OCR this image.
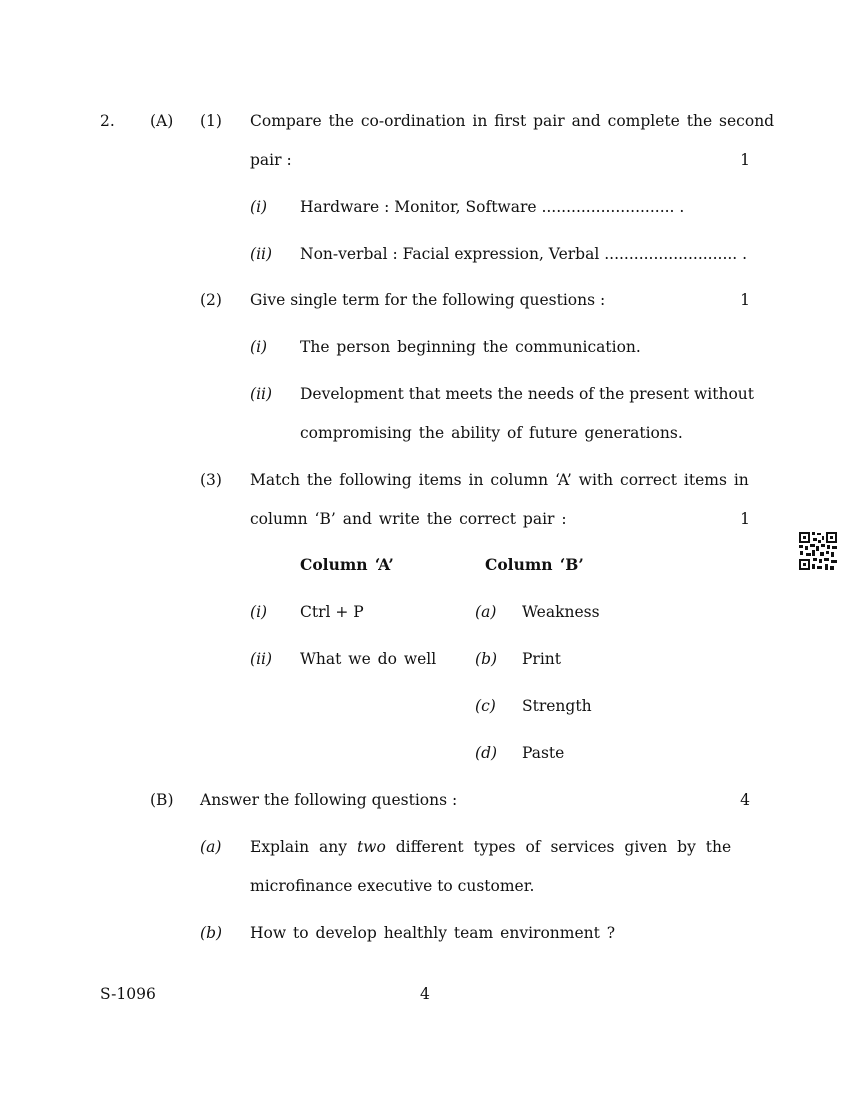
2. (A) (1) Compare the co-ordination in first pair and complete the second
pair :	1
(i) Hardware : Monitor, Software ........................... .
(ii) Non-verbal : Facial expression, Verbal ........................... .
(2) Give single term for the following questions :	1
(i) The person beginning the communication.
(ii) Development that meets the needs of the present without
compromising the ability of future generations.
(3) Match the following items in column ‘A’ with correct items in
column ‘B’ and write the correct pair :	1
Column ‘A’	Column ‘B’
(i) Ctrl + P	(a) Weakness
(ii) What we do well	(b) Print
(c) Strength
(d) Paste
(B) Answer the following questions :	4
(a) Explain any two different types of services given by the
microfinance executive to customer.
(b) How to develop healthly team environment ?
S-1096	4
